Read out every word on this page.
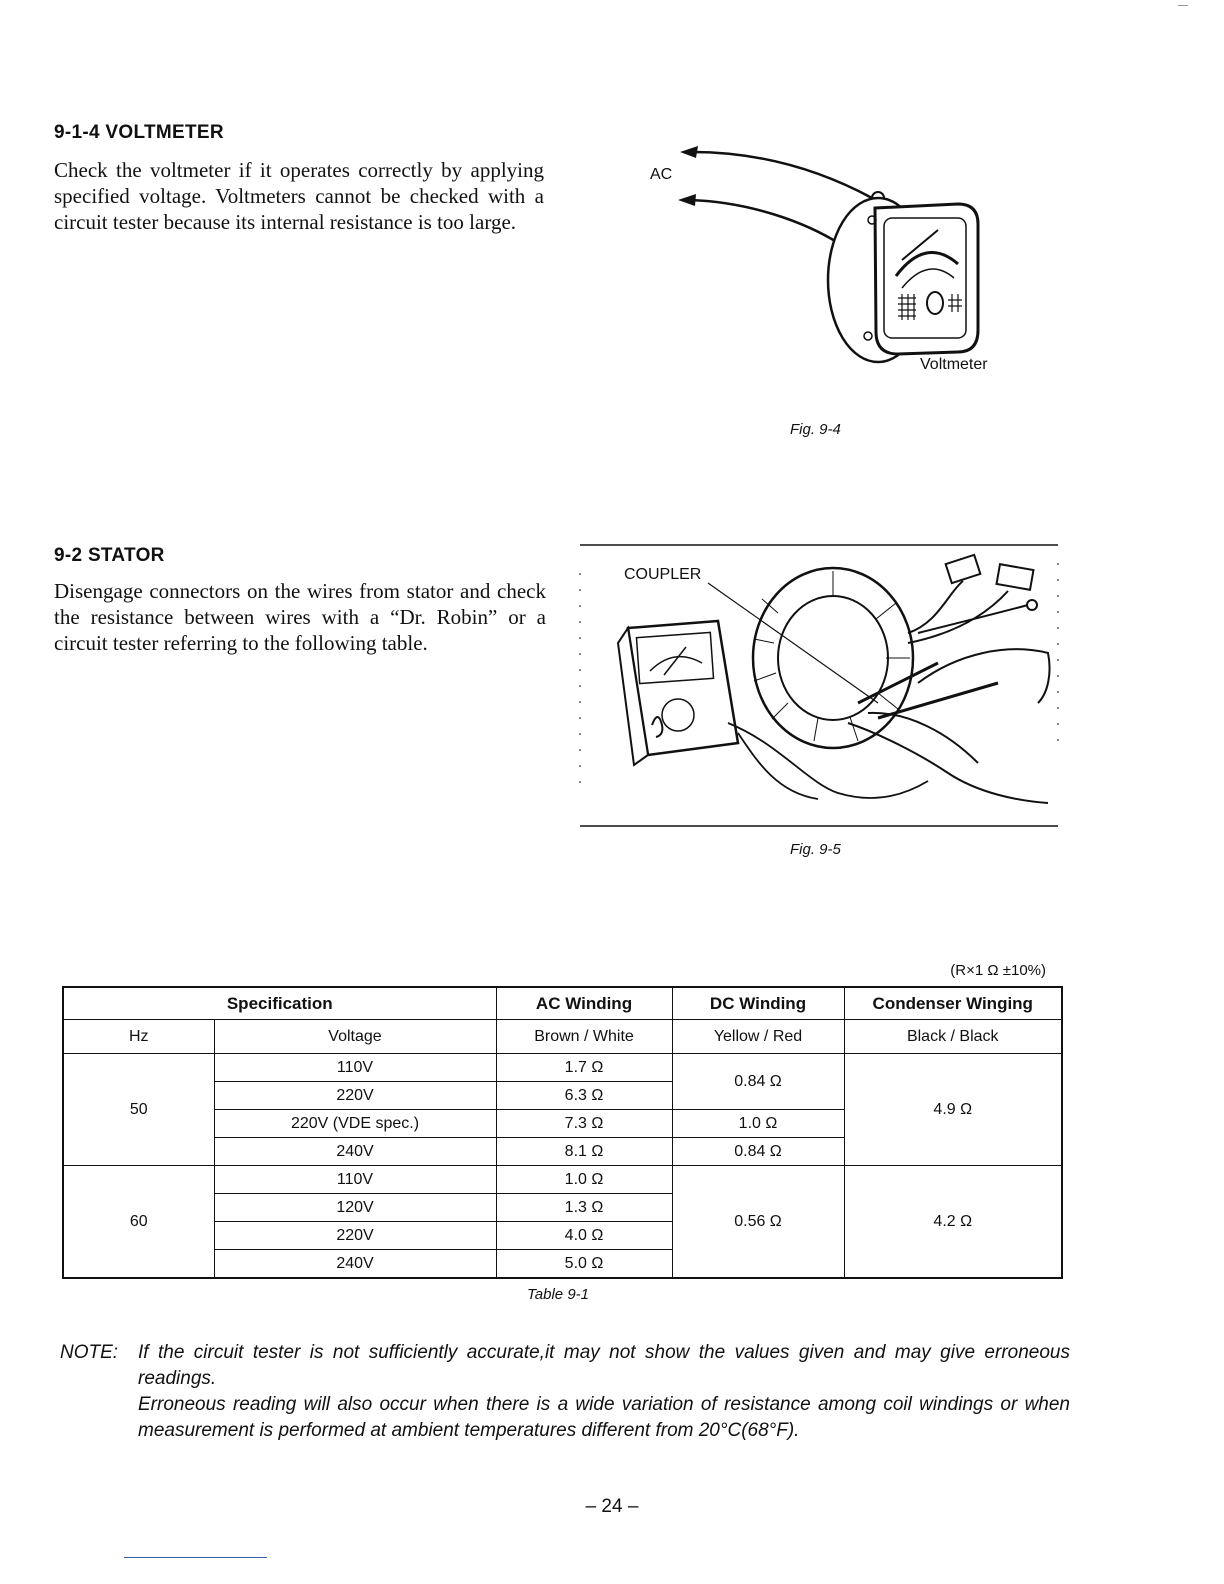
9-1-4 VOLTMETER
Check the voltmeter if it operates correctly by applying specified voltage. Voltmeters cannot be checked with a circuit tester because its internal resistance is too large.
AC
Voltmeter
Fig. 9-4
9-2 STATOR
Disengage connectors on the wires from stator and check the resistance between wires with a “Dr. Robin” or a circuit tester referring to the following table.
COUPLER
Fig. 9-5
(R×1 Ω ±10%)
Specification		AC Winding	DC Winding	Condenser Winging
Hz	Voltage	Brown / White	Yellow / Red	Black / Black
50	110V	1.7 Ω	0.84 Ω	4.9 Ω
	220V	6.3 Ω		
	220V (VDE spec.)	7.3 Ω	1.0 Ω	
	240V	8.1 Ω	0.84 Ω	
60	110V	1.0 Ω	0.56 Ω	4.2 Ω
	120V	1.3 Ω		
	220V	4.0 Ω		
	240V	5.0 Ω		
Table 9-1
NOTE: If the circuit tester is not sufficiently accurate,it may not show the values given and may give erroneous readings.

Erroneous reading will also occur when there is a wide variation of resistance among coil windings or when measurement is performed at ambient temperatures different from 20°C(68°F).

– 24 –
